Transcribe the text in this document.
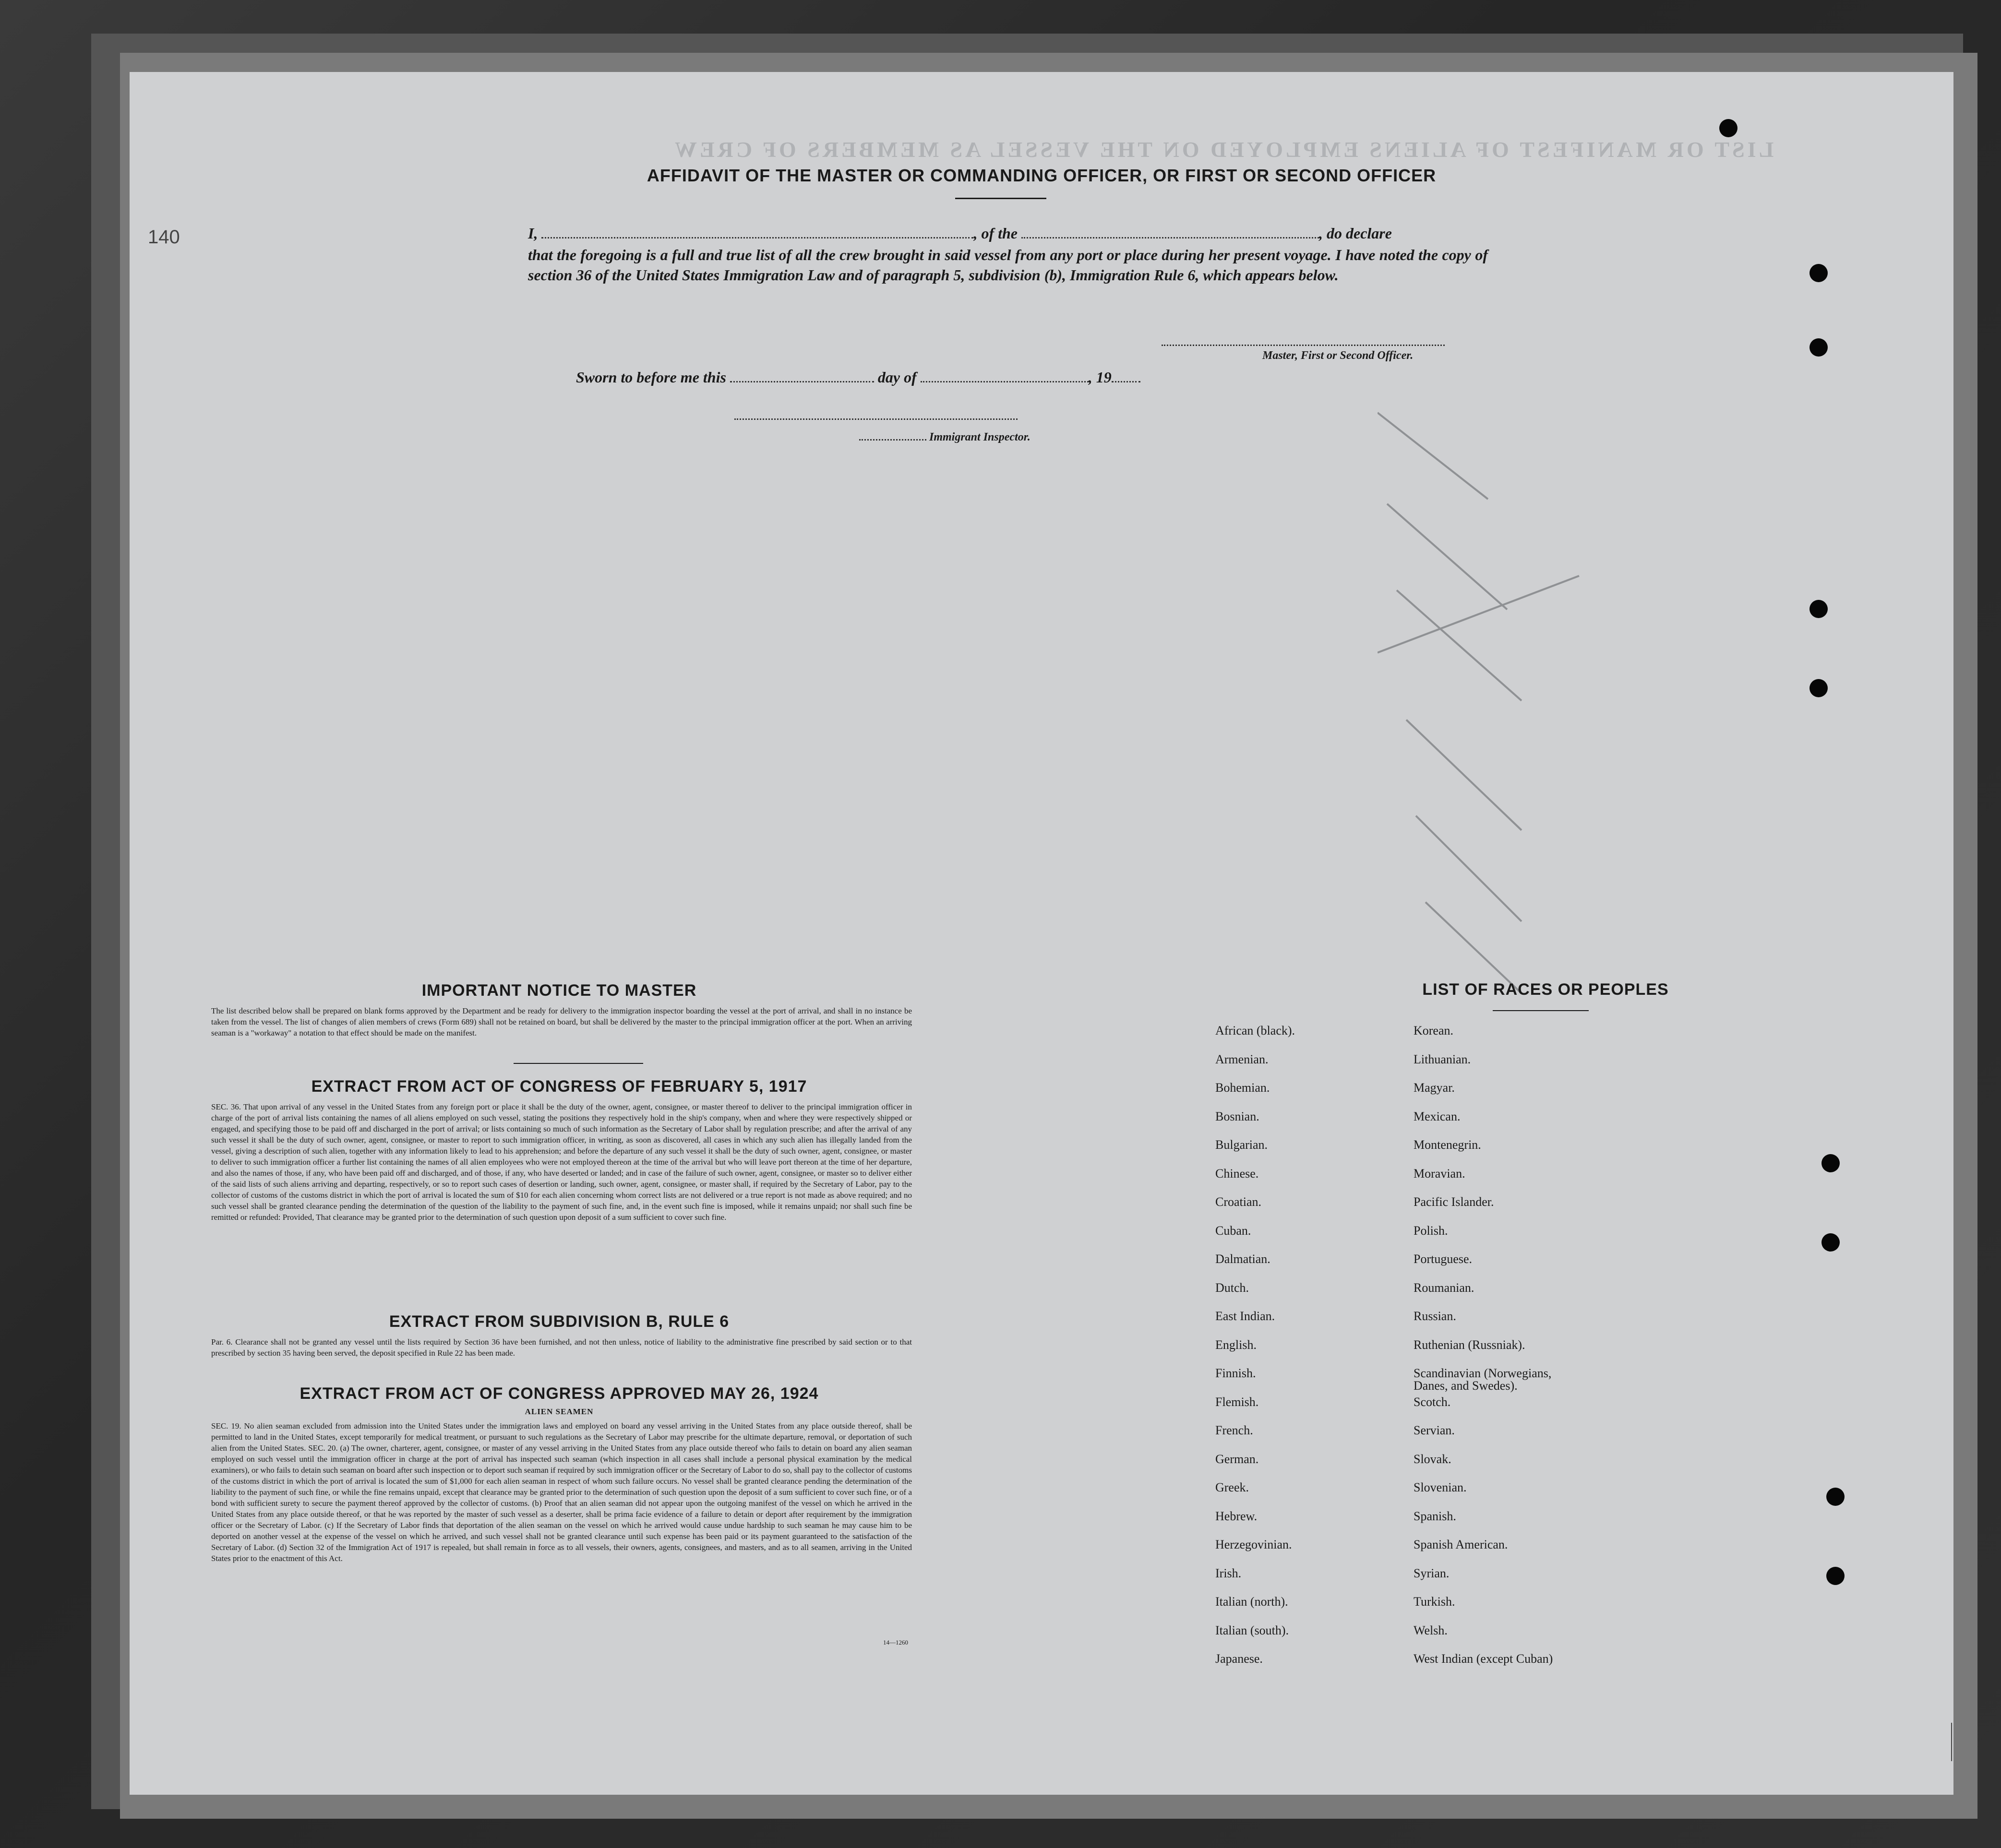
LIST OR MANIFEST OF ALIENS EMPLOYED ON THE VESSEL AS MEMBERS OF CREW
140
AFFIDAVIT OF THE MASTER OR COMMANDING OFFICER, OR FIRST OR SECOND OFFICER
I,	, of the	, do declare
that the foregoing is a full and true list of all the crew brought in said vessel from any port or place during her present voyage. I have noted the copy of section 36 of the United States Immigration Law and of paragraph 5, subdivision (b), Immigration Rule 6, which appears below.
Master, First or Second Officer.
Sworn to before me this	day of	, 19
Immigrant Inspector.
IMPORTANT NOTICE TO MASTER
The list described below shall be prepared on blank forms approved by the Department and be ready for delivery to the immigration inspector boarding the vessel at the port of arrival, and shall in no instance be taken from the vessel. The list of changes of alien members of crews (Form 689) shall not be retained on board, but shall be delivered by the master to the principal immigration officer at the port. When an arriving seaman is a "workaway" a notation to that effect should be made on the manifest.
EXTRACT FROM ACT OF CONGRESS OF FEBRUARY 5, 1917
SEC. 36. That upon arrival of any vessel in the United States from any foreign port or place it shall be the duty of the owner, agent, consignee, or master thereof to deliver to the principal immigration officer in charge of the port of arrival lists containing the names of all aliens employed on such vessel, stating the positions they respectively hold in the ship's company, when and where they were respectively shipped or engaged, and specifying those to be paid off and discharged in the port of arrival; or lists containing so much of such information as the Secretary of Labor shall by regulation prescribe; and after the arrival of any such vessel it shall be the duty of such owner, agent, consignee, or master to report to such immigration officer, in writing, as soon as discovered, all cases in which any such alien has illegally landed from the vessel, giving a description of such alien, together with any information likely to lead to his apprehension; and before the departure of any such vessel it shall be the duty of such owner, agent, consignee, or master to deliver to such immigration officer a further list containing the names of all alien employees who were not employed thereon at the time of the arrival but who will leave port thereon at the time of her departure, and also the names of those, if any, who have been paid off and discharged, and of those, if any, who have deserted or landed; and in case of the failure of such owner, agent, consignee, or master so to deliver either of the said lists of such aliens arriving and departing, respectively, or so to report such cases of desertion or landing, such owner, agent, consignee, or master shall, if required by the Secretary of Labor, pay to the collector of customs of the customs district in which the port of arrival is located the sum of $10 for each alien concerning whom correct lists are not delivered or a true report is not made as above required; and no such vessel shall be granted clearance pending the determination of the question of the liability to the payment of such fine, and, in the event such fine is imposed, while it remains unpaid; nor shall such fine be remitted or refunded: Provided, That clearance may be granted prior to the determination of such question upon deposit of a sum sufficient to cover such fine.
EXTRACT FROM SUBDIVISION B, RULE 6
Par. 6. Clearance shall not be granted any vessel until the lists required by Section 36 have been furnished, and not then unless, notice of liability to the administrative fine prescribed by said section or to that prescribed by section 35 having been served, the deposit specified in Rule 22 has been made.
EXTRACT FROM ACT OF CONGRESS APPROVED MAY 26, 1924
ALIEN SEAMEN
SEC. 19. No alien seaman excluded from admission into the United States under the immigration laws and employed on board any vessel arriving in the United States from any place outside thereof, shall be permitted to land in the United States, except temporarily for medical treatment, or pursuant to such regulations as the Secretary of Labor may prescribe for the ultimate departure, removal, or deportation of such alien from the United States. SEC. 20. (a) The owner, charterer, agent, consignee, or master of any vessel arriving in the United States from any place outside thereof who fails to detain on board any alien seaman employed on such vessel until the immigration officer in charge at the port of arrival has inspected such seaman (which inspection in all cases shall include a personal physical examination by the medical examiners), or who fails to detain such seaman on board after such inspection or to deport such seaman if required by such immigration officer or the Secretary of Labor to do so, shall pay to the collector of customs of the customs district in which the port of arrival is located the sum of $1,000 for each alien seaman in respect of whom such failure occurs. No vessel shall be granted clearance pending the determination of the liability to the payment of such fine, or while the fine remains unpaid, except that clearance may be granted prior to the determination of such question upon the deposit of a sum sufficient to cover such fine, or of a bond with sufficient surety to secure the payment thereof approved by the collector of customs. (b) Proof that an alien seaman did not appear upon the outgoing manifest of the vessel on which he arrived in the United States from any place outside thereof, or that he was reported by the master of such vessel as a deserter, shall be prima facie evidence of a failure to detain or deport after requirement by the immigration officer or the Secretary of Labor. (c) If the Secretary of Labor finds that deportation of the alien seaman on the vessel on which he arrived would cause undue hardship to such seaman he may cause him to be deported on another vessel at the expense of the vessel on which he arrived, and such vessel shall not be granted clearance until such expense has been paid or its payment guaranteed to the satisfaction of the Secretary of Labor. (d) Section 32 of the Immigration Act of 1917 is repealed, but shall remain in force as to all vessels, their owners, agents, consignees, and masters, and as to all seamen, arriving in the United States prior to the enactment of this Act.
14—1260
LIST OF RACES OR PEOPLES
African (black).
Armenian.
Bohemian.
Bosnian.
Bulgarian.
Chinese.
Croatian.
Cuban.
Dalmatian.
Dutch.
East Indian.
English.
Finnish.
Flemish.
French.
German.
Greek.
Hebrew.
Herzegovinian.
Irish.
Italian (north).
Italian (south).
Japanese.
Korean.
Lithuanian.
Magyar.
Mexican.
Montenegrin.
Moravian.
Pacific Islander.
Polish.
Portuguese.
Roumanian.
Russian.
Ruthenian (Russniak).
Scandinavian (Norwegians,
Danes, and Swedes).
Scotch.
Servian.
Slovak.
Slovenian.
Spanish.
Spanish American.
Syrian.
Turkish.
Welsh.
West Indian (except Cuban)
